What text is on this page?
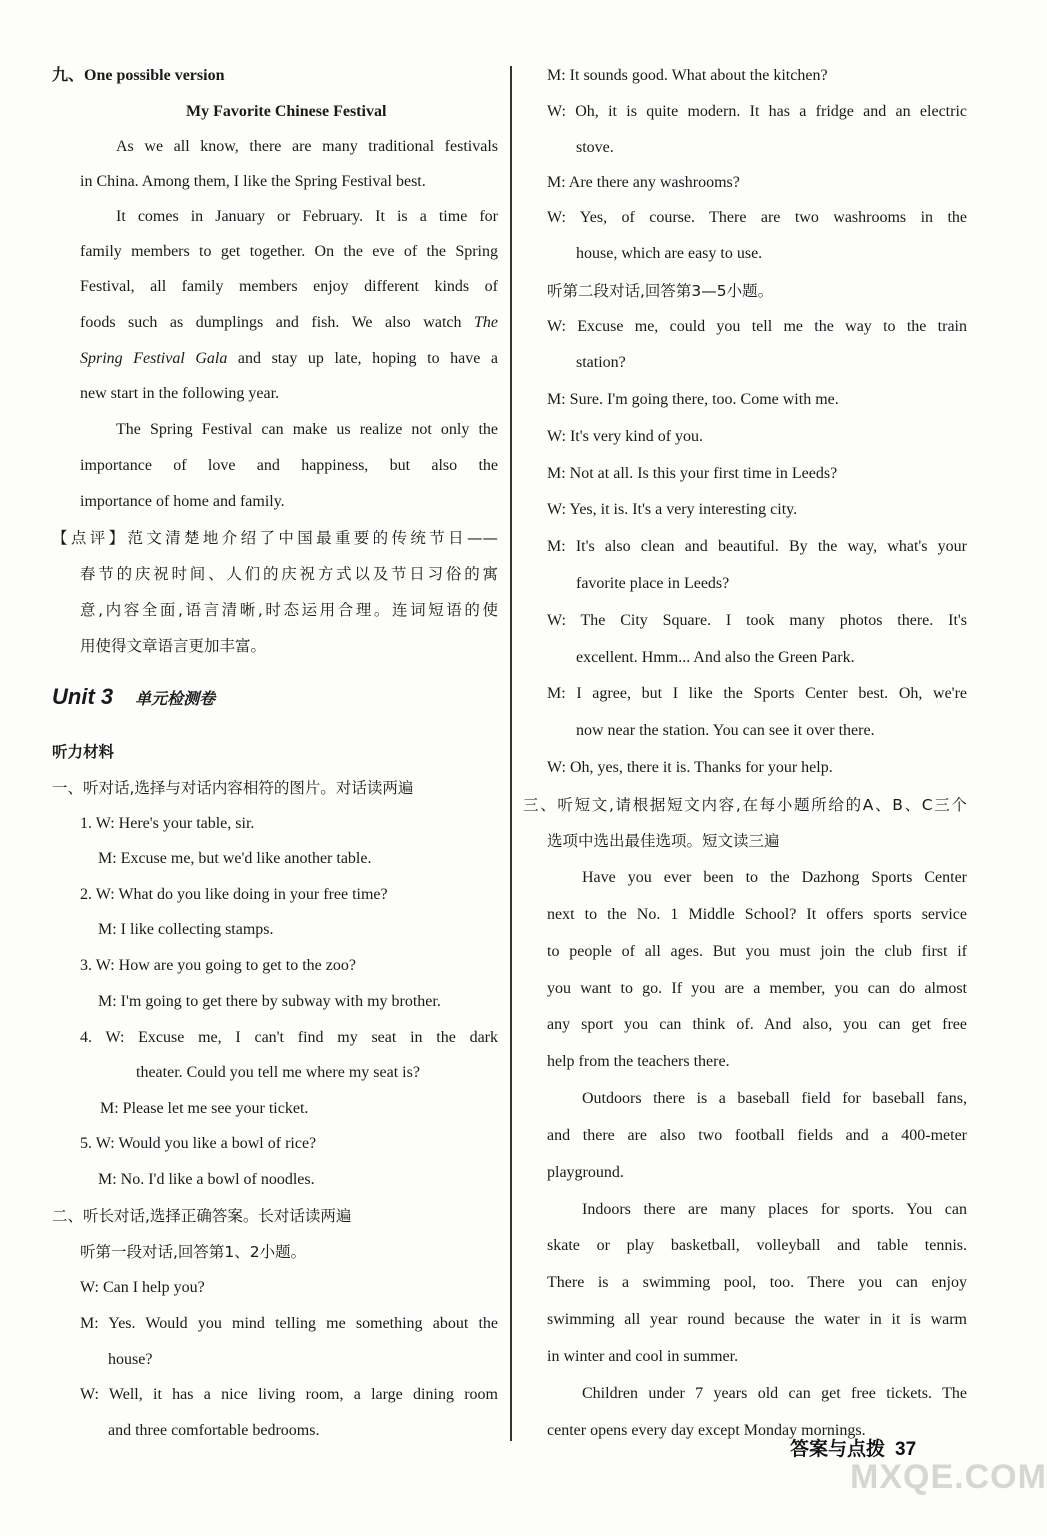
九、One possible version
My Favorite Chinese Festival
As we all know, there are many traditional festivals
in China. Among them, I like the Spring Festival best.
It comes in January or February. It is a time for
family members to get together. On the eve of the Spring
Festival, all family members enjoy different kinds of
foods such as dumplings and fish. We also watch The
Spring Festival Gala and stay up late, hoping to have a
new start in the following year.
The Spring Festival can make us realize not only the
importance of love and happiness, but also the
importance of home and family.
【点评】范文清楚地介绍了中国最重要的传统节日——
春节的庆祝时间、人们的庆祝方式以及节日习俗的寓
意,内容全面,语言清晰,时态运用合理。连词短语的使
用使得文章语言更加丰富。
听力材料
一、听对话,选择与对话内容相符的图片。对话读两遍
1. W: Here's your table, sir.
M: Excuse me, but we'd like another table.
2. W: What do you like doing in your free time?
M: I like collecting stamps.
3. W: How are you going to get to the zoo?
M: I'm going to get there by subway with my brother.
4. W: Excuse me, I can't find my seat in the dark
theater. Could you tell me where my seat is?
M: Please let me see your ticket.
5. W: Would you like a bowl of rice?
M: No. I'd like a bowl of noodles.
二、听长对话,选择正确答案。长对话读两遍
听第一段对话,回答第1、2小题。
W: Can I help you?
M: Yes. Would you mind telling me something about the
house?
W: Well, it has a nice living room, a large dining room
and three comfortable bedrooms.
Unit 3 单元检测卷
M: It sounds good. What about the kitchen?
W: Oh, it is quite modern. It has a fridge and an electric
stove.
M: Are there any washrooms?
W: Yes, of course. There are two washrooms in the
house, which are easy to use.
听第二段对话,回答第3—5小题。
W: Excuse me, could you tell me the way to the train
station?
M: Sure. I'm going there, too. Come with me.
W: It's very kind of you.
M: Not at all. Is this your first time in Leeds?
W: Yes, it is. It's a very interesting city.
M: It's also clean and beautiful. By the way, what's your
favorite place in Leeds?
W: The City Square. I took many photos there. It's
excellent. Hmm... And also the Green Park.
M: I agree, but I like the Sports Center best. Oh, we're
now near the station. You can see it over there.
W: Oh, yes, there it is. Thanks for your help.
三、听短文,请根据短文内容,在每小题所给的A、B、C三个
选项中选出最佳选项。短文读三遍
Have you ever been to the Dazhong Sports Center
next to the No. 1 Middle School? It offers sports service
to people of all ages. But you must join the club first if
you want to go. If you are a member, you can do almost
any sport you can think of. And also, you can get free
help from the teachers there.
Outdoors there is a baseball field for baseball fans,
and there are also two football fields and a 400-meter
playground.
Indoors there are many places for sports. You can
skate or play basketball, volleyball and table tennis.
There is a swimming pool, too. There you can enjoy
swimming all year round because the water in it is warm
in winter and cool in summer.
Children under 7 years old can get free tickets. The
center opens every day except Monday mornings.
答案与点拨 37
MXQE.COM
